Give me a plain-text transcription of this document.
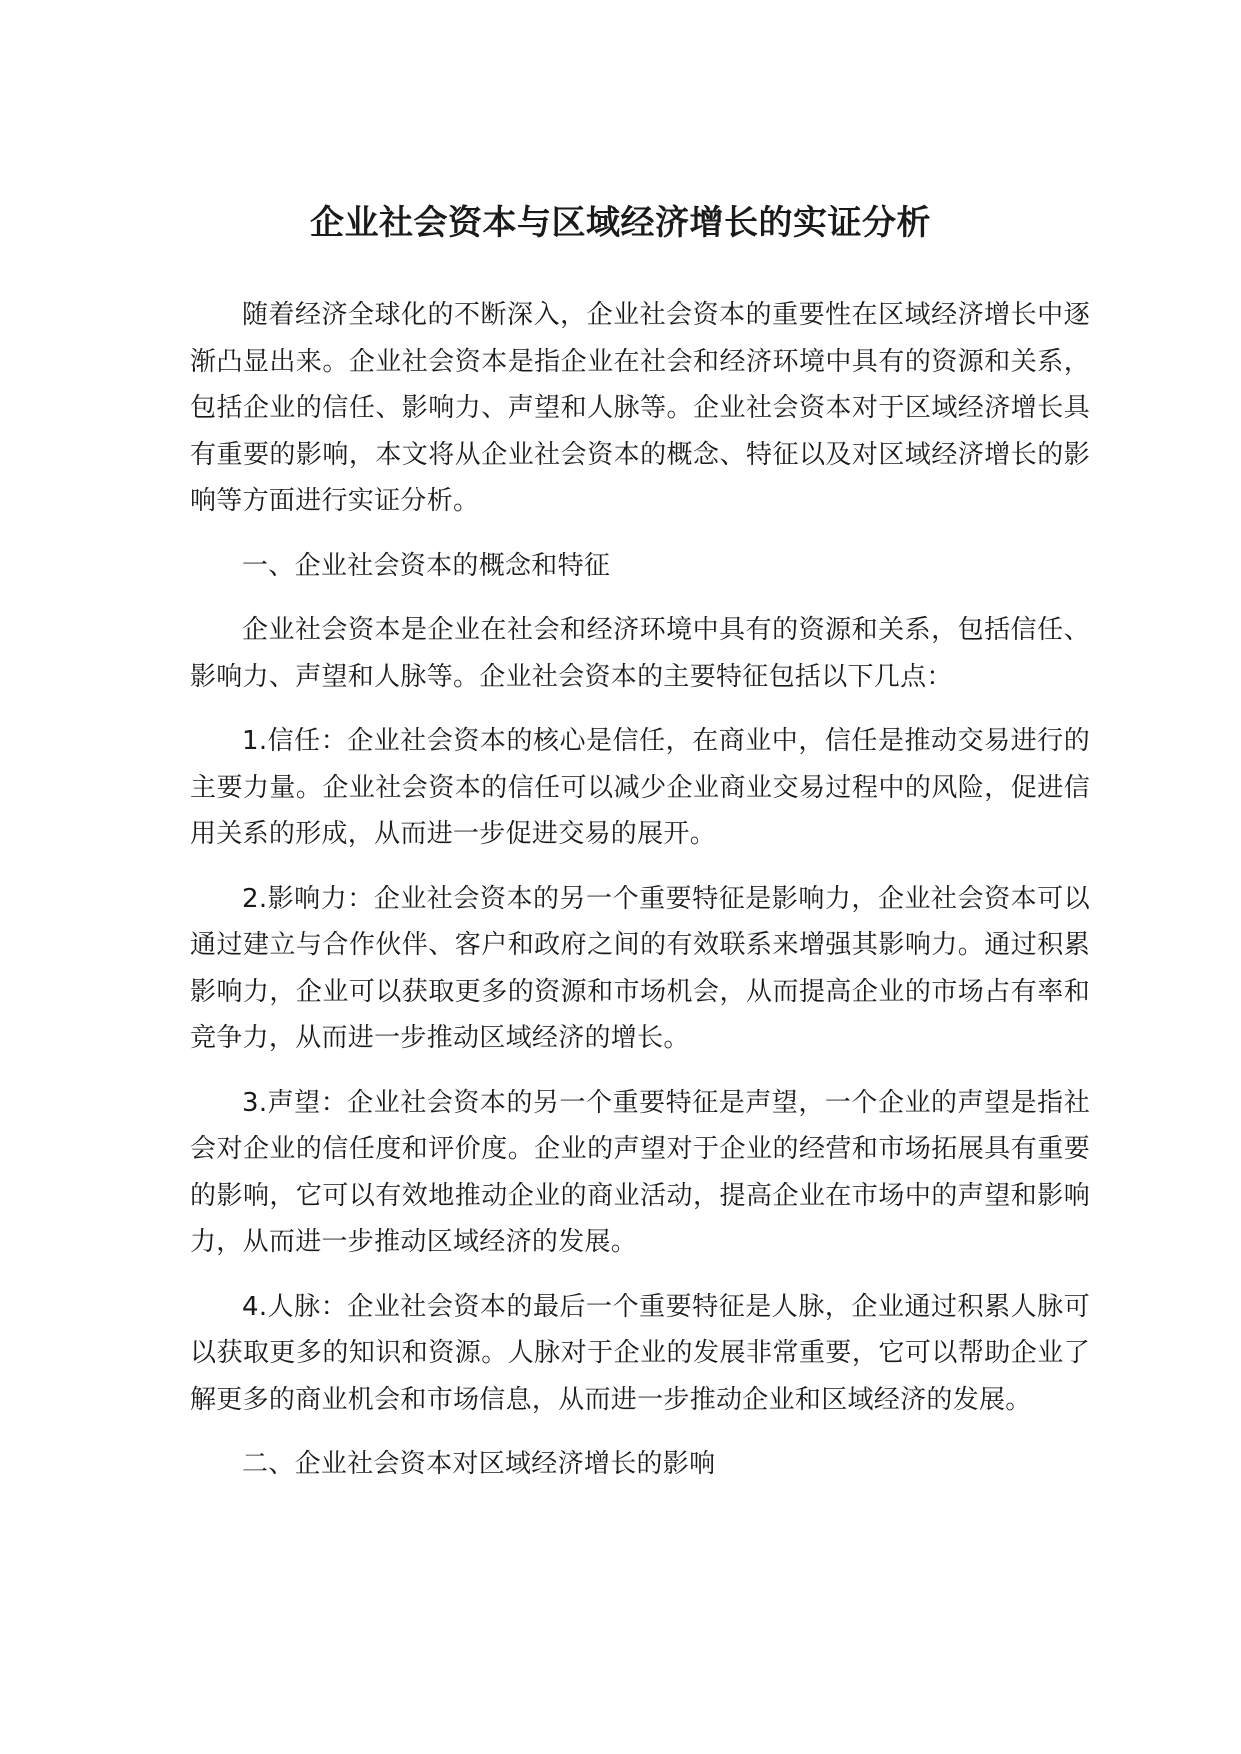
企业社会资本与区域经济增长的实证分析

随着经济全球化的不断深入，企业社会资本的重要性在区域经济增长中逐渐凸显出来。企业社会资本是指企业在社会和经济环境中具有的资源和关系，包括企业的信任、影响力、声望和人脉等。企业社会资本对于区域经济增长具有重要的影响，本文将从企业社会资本的概念、特征以及对区域经济增长的影响等方面进行实证分析。

一、企业社会资本的概念和特征

企业社会资本是企业在社会和经济环境中具有的资源和关系，包括信任、影响力、声望和人脉等。企业社会资本的主要特征包括以下几点：

1.信任：企业社会资本的核心是信任，在商业中，信任是推动交易进行的主要力量。企业社会资本的信任可以减少企业商业交易过程中的风险，促进信用关系的形成，从而进一步促进交易的展开。

2.影响力：企业社会资本的另一个重要特征是影响力，企业社会资本可以通过建立与合作伙伴、客户和政府之间的有效联系来增强其影响力。通过积累影响力，企业可以获取更多的资源和市场机会，从而提高企业的市场占有率和竞争力，从而进一步推动区域经济的增长。

3.声望：企业社会资本的另一个重要特征是声望，一个企业的声望是指社会对企业的信任度和评价度。企业的声望对于企业的经营和市场拓展具有重要的影响，它可以有效地推动企业的商业活动，提高企业在市场中的声望和影响力，从而进一步推动区域经济的发展。

4.人脉：企业社会资本的最后一个重要特征是人脉，企业通过积累人脉可以获取更多的知识和资源。人脉对于企业的发展非常重要，它可以帮助企业了解更多的商业机会和市场信息，从而进一步推动企业和区域经济的发展。

二、企业社会资本对区域经济增长的影响
